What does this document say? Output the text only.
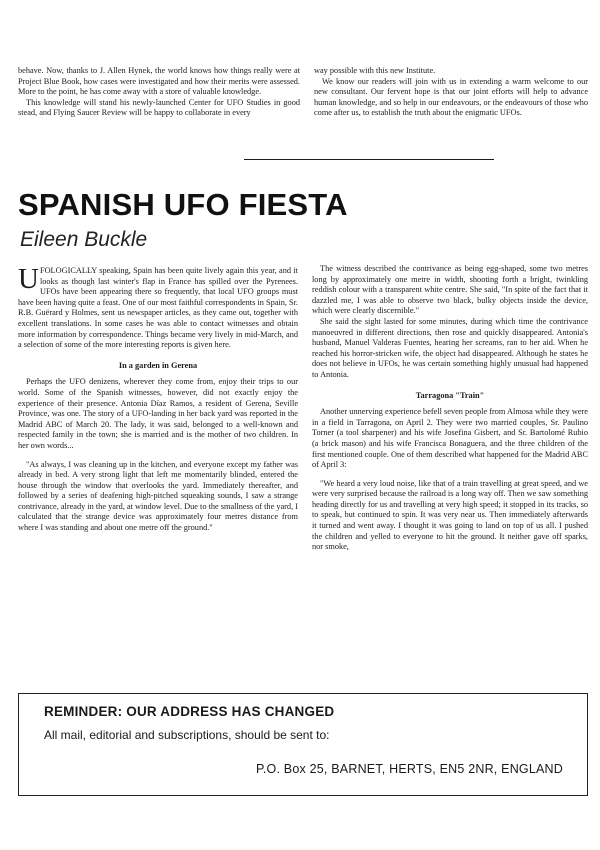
behave. Now, thanks to J. Allen Hynek, the world knows how things really were at Project Blue Book, how cases were investigated and how their merits were assessed. More to the point, he has come away with a store of valuable knowledge.

This knowledge will stand his newly-launched Center for UFO Studies in good stead, and Flying Saucer Review will be happy to collaborate in every

way possible with this new Institute.

We know our readers will join with us in extending a warm welcome to our new consultant. Our fervent hope is that our joint efforts will help to advance human knowledge, and so help in our endeavours, or the endeavours of those who come after us, to establish the truth about the enigmatic UFOs.

SPANISH UFO FIESTA
Eileen Buckle

UFOLOGICALLY speaking, Spain has been quite lively again this year, and it looks as though last winter's flap in France has spilled over the Pyrenees. UFOs have been appearing there so frequently, that local UFO groups must have been having quite a feast. One of our most faithful correspondents in Spain, Sr. R.B. Guërard y Holmes, sent us newspaper articles, as they came out, together with excellent translations. In some cases he was able to contact witnesses and obtain more information by correspondence. Things became very lively in mid-March, and a selection of some of the more interesting reports is given here.

In a garden in Gerena

Perhaps the UFO denizens, wherever they come from, enjoy their trips to our world. Some of the Spanish witnesses, however, did not exactly enjoy the experience of their presence. Antonia Díaz Ramos, a resident of Gerena, Seville Province, was one. The story of a UFO-landing in her back yard was reported in the Madrid ABC of March 20. The lady, it was said, belonged to a well-known and respected family in the town; she is married and is the mother of two children. In her own words...

"As always, I was cleaning up in the kitchen, and everyone except my father was already in bed. A very strong light that left me momentarily blinded, entered the house through the window that overlooks the yard. Immediately thereafter, and followed by a series of deafening high-pitched squeaking sounds, I saw a strange contrivance, already in the yard, at window level. Due to the smallness of the yard, I calculated that the strange device was approximately four metres distance from where I was standing and about one metre off the ground."

The witness described the contrivance as being egg-shaped, some two metres long by approximately one metre in width, shooting forth a bright, twinkling reddish colour with a transparent white centre. She said, "In spite of the fact that it dazzled me, I was able to observe two black, bulky objects inside the device, which were clearly discernible."

She said the sight lasted for some minutes, during which time the contrivance manoeuvred in different directions, then rose and quickly disappeared. Antonia's husband, Manuel Valderas Fuentes, hearing her screams, ran to her aid. When he reached his horror-stricken wife, the object had disappeared. Although he states he does not believe in UFOs, he was certain something highly unusual had happened to Antonia.

Tarragona "Train"

Another unnerving experience befell seven people from Almosa while they were in a field in Tarragona, on April 2. They were two married couples, Sr. Paulino Torner (a tool sharpener) and his wife Josefina Gisbert, and Sr. Bartolomé Rubio (a brick mason) and his wife Francisca Bonaguera, and the three children of the first mentioned couple. One of them described what happened for the Madrid ABC of April 3:

"We heard a very loud noise, like that of a train travelling at great speed, and we were very surprised because the railroad is a long way off. Then we saw something heading directly for us and travelling at very high speed; it stopped in its tracks, so to speak, but continued to spin. It was very near us. Then immediately afterwards it turned and went away. I thought it was going to land on top of us all. I pushed the children and yelled to everyone to hit the ground. It neither gave off sparks, nor smoke,

REMINDER: OUR ADDRESS HAS CHANGED
All mail, editorial and subscriptions, should be sent to:
P.O. Box 25, BARNET, HERTS, EN5 2NR, ENGLAND
